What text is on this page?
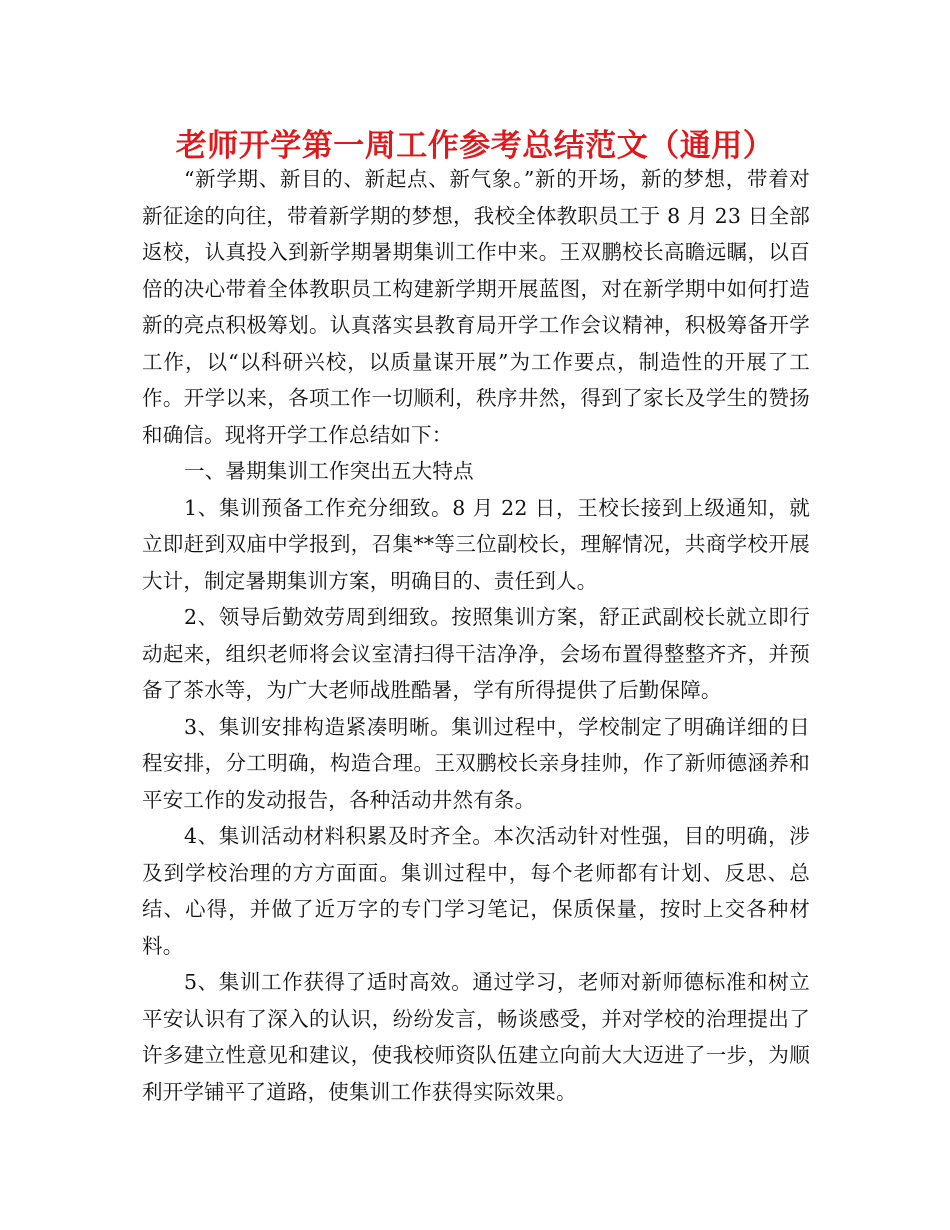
老师开学第一周工作参考总结范文（通用）

“新学期、新目的、新起点、新气象。”新的开场，新的梦想，带着对新征途的向往，带着新学期的梦想，我校全体教职员工于 8 月 23 日全部返校，认真投入到新学期暑期集训工作中来。王双鹏校长高瞻远瞩，以百倍的决心带着全体教职员工构建新学期开展蓝图，对在新学期中如何打造新的亮点积极筹划。认真落实县教育局开学工作会议精神，积极筹备开学工作，以“以科研兴校，以质量谋开展”为工作要点，制造性的开展了工作。开学以来，各项工作一切顺利，秩序井然，得到了家长及学生的赞扬和确信。现将开学工作总结如下：

一、暑期集训工作突出五大特点

1、集训预备工作充分细致。8 月 22 日，王校长接到上级通知，就立即赶到双庙中学报到，召集**等三位副校长，理解情况，共商学校开展大计，制定暑期集训方案，明确目的、责任到人。

2、领导后勤效劳周到细致。按照集训方案，舒正武副校长就立即行动起来，组织老师将会议室清扫得干洁净净，会场布置得整整齐齐，并预备了茶水等，为广大老师战胜酷暑，学有所得提供了后勤保障。

3、集训安排构造紧凑明晰。集训过程中，学校制定了明确详细的日程安排，分工明确，构造合理。王双鹏校长亲身挂帅，作了新师德涵养和平安工作的发动报告，各种活动井然有条。

4、集训活动材料积累及时齐全。本次活动针对性强，目的明确，涉及到学校治理的方方面面。集训过程中，每个老师都有计划、反思、总结、心得，并做了近万字的专门学习笔记，保质保量，按时上交各种材料。

5、集训工作获得了适时高效。通过学习，老师对新师德标准和树立平安认识有了深入的认识，纷纷发言，畅谈感受，并对学校的治理提出了许多建立性意见和建议，使我校师资队伍建立向前大大迈进了一步，为顺利开学铺平了道路，使集训工作获得实际效果。
